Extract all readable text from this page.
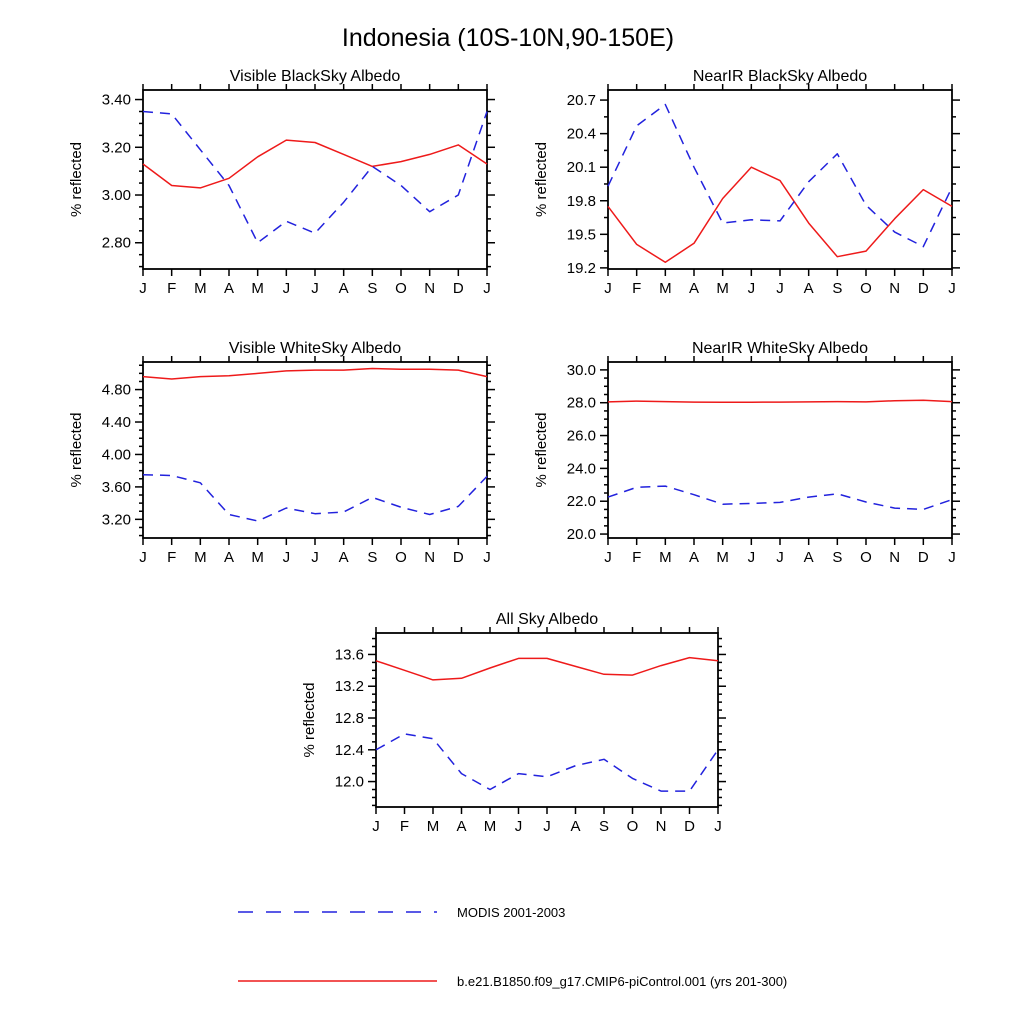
Indonesia (10S-10N,90-150E)
J F M A M J J A S O N D J
2.80
3.00
3.20
3.40
Visible BlackSky Albedo
% reflected
J F M A M J J A S O N D J
19.2
19.5
19.8
20.1
20.4
20.7
NearIR BlackSky Albedo
% reflected
J F M A M J J A S O N D J
3.20
3.60
4.00
4.40
4.80
Visible WhiteSky Albedo
% reflected
J F M A M J J A S O N D J
20.0
22.0
24.0
26.0
28.0
30.0
NearIR WhiteSky Albedo
% reflected
J F M A M J J A S O N D J
12.0
12.4
12.8
13.2
13.6
All Sky Albedo
% reflected
MODIS 2001-2003
b.e21.B1850.f09_g17.CMIP6-piControl.001 (yrs 201-300)
